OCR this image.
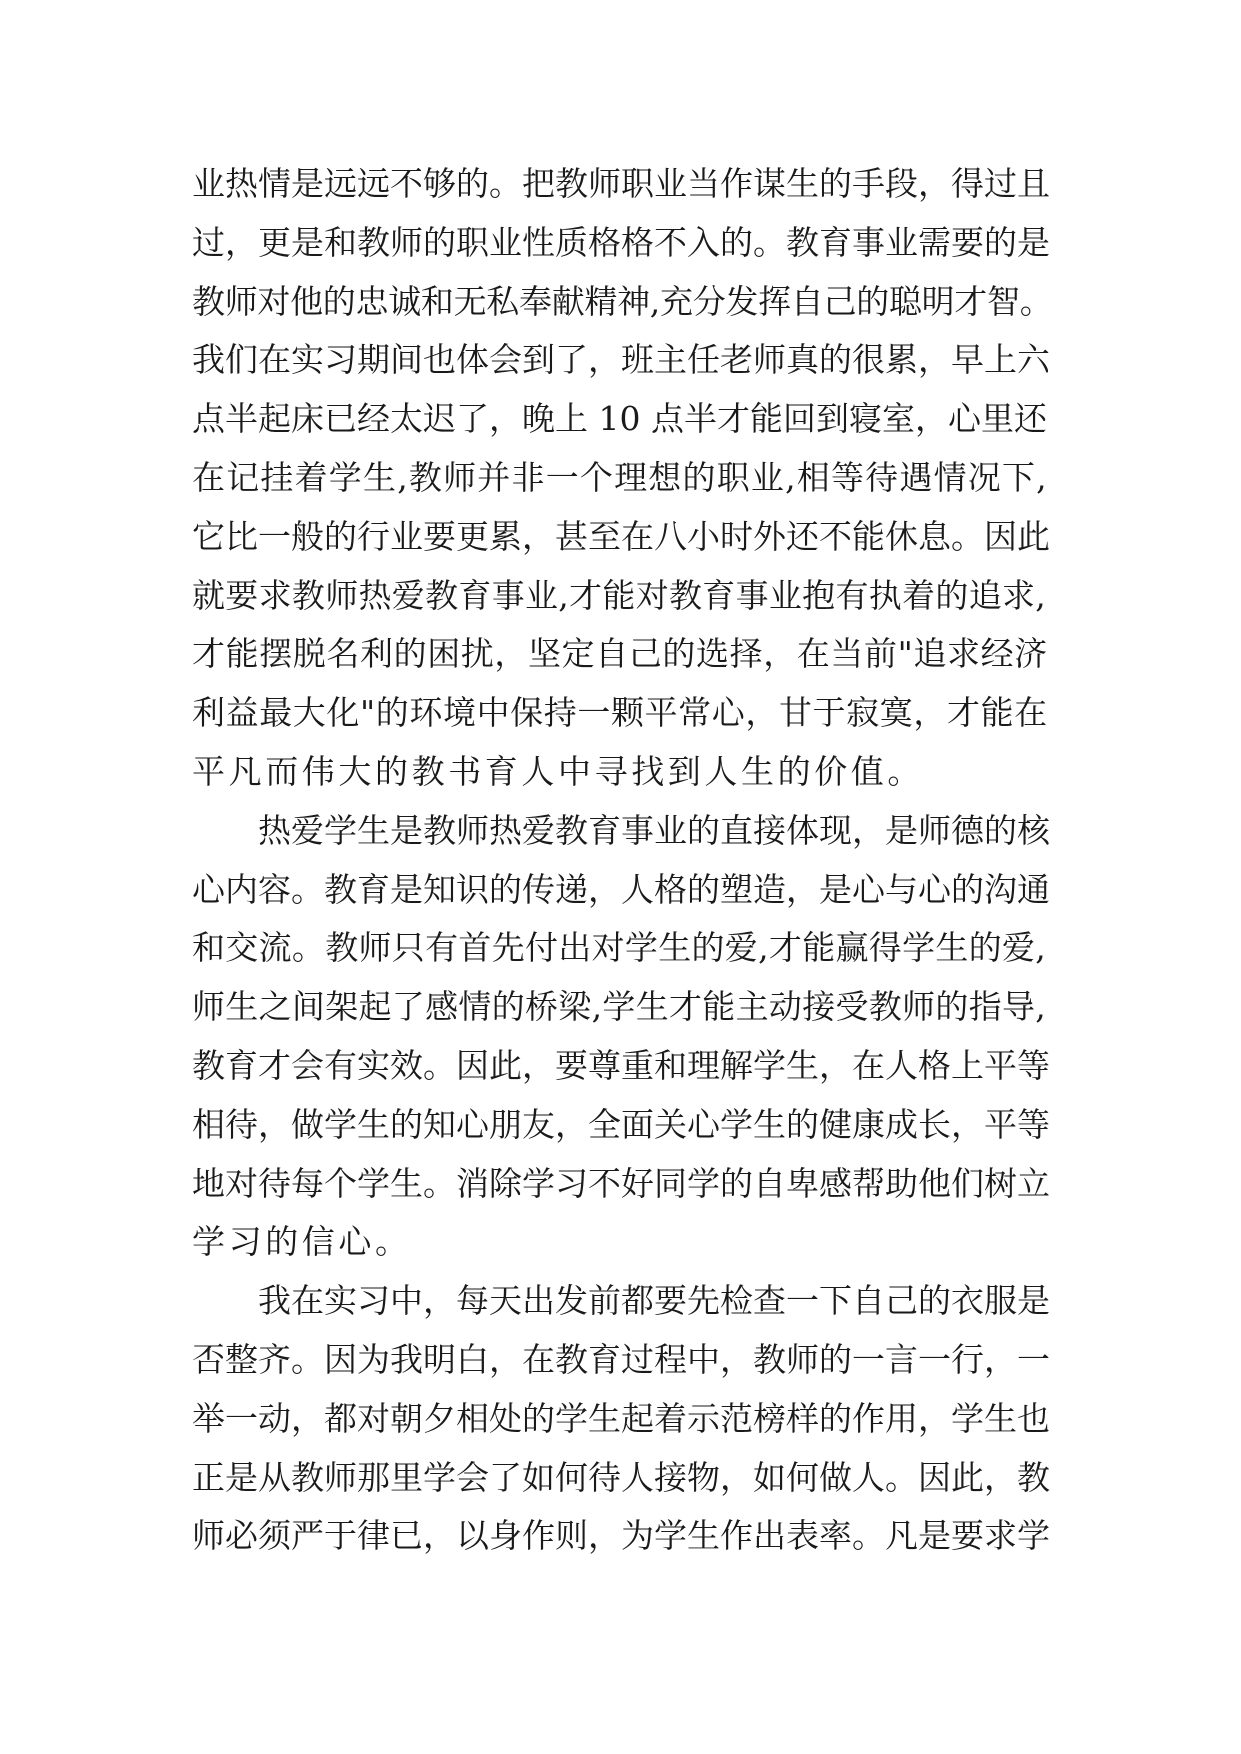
业热情是远远不够的。把教师职业当作谋生的手段，得过且
过，更是和教师的职业性质格格不入的。教育事业需要的是
教师对他的忠诚和无私奉献精神,充分发挥自己的聪明才智。
我们在实习期间也体会到了，班主任老师真的很累，早上六
点半起床已经太迟了，晚上 10 点半才能回到寝室，心里还
在记挂着学生,教师并非一个理想的职业,相等待遇情况下,
它比一般的行业要更累，甚至在八小时外还不能休息。因此
就要求教师热爱教育事业,才能对教育事业抱有执着的追求,
才能摆脱名利的困扰，坚定自己的选择，在当前"追求经济
利益最大化"的环境中保持一颗平常心，甘于寂寞，才能在
平凡而伟大的教书育人中寻找到人生的价值。
热爱学生是教师热爱教育事业的直接体现，是师德的核
心内容。教育是知识的传递，人格的塑造，是心与心的沟通
和交流。教师只有首先付出对学生的爱,才能赢得学生的爱,
师生之间架起了感情的桥梁,学生才能主动接受教师的指导,
教育才会有实效。因此，要尊重和理解学生，在人格上平等
相待，做学生的知心朋友，全面关心学生的健康成长，平等
地对待每个学生。消除学习不好同学的自卑感帮助他们树立
学习的信心。
我在实习中，每天出发前都要先检查一下自己的衣服是
否整齐。因为我明白，在教育过程中，教师的一言一行，一
举一动，都对朝夕相处的学生起着示范榜样的作用，学生也
正是从教师那里学会了如何待人接物，如何做人。因此，教
师必须严于律已，以身作则，为学生作出表率。凡是要求学
